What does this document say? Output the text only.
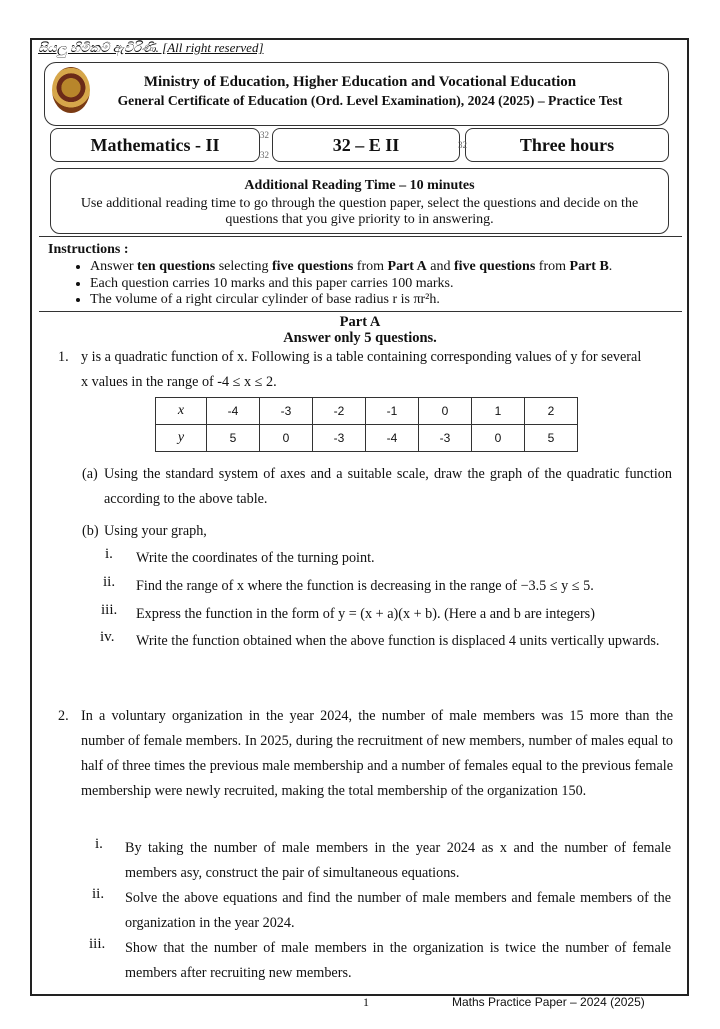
සියලු හිමිකම් ඇවිරිණි. [All right reserved]
Ministry of Education, Higher Education and Vocational Education
General Certificate of Education (Ord. Level Examination), 2024 (2025) – Practice Test
Mathematics - II	32 – E II	Three hours
32
32
32
Additional Reading Time – 10 minutes
Use additional reading time to go through the question paper, select the questions and decide on the questions that you give priority to in answering.
Instructions :
• Answer ten questions selecting five questions from Part A and five questions from Part B.
• Each question carries 10 marks and this paper carries 100 marks.
• The volume of a right circular cylinder of base radius r is πr²h.
Part A
Answer only 5 questions.
1. y is a quadratic function of x. Following is a table containing corresponding values of y for several
x values in the range of -4 ≤ x ≤ 2.
x	-4	-3	-2	-1	0	1	2
y	5	0	-3	-4	-3	0	5
(a) Using the standard system of axes and a suitable scale, draw the graph of the quadratic function according to the above table.
(b) Using your graph,
i. Write the coordinates of the turning point.
ii. Find the range of x where the function is decreasing in the range of −3.5 ≤ y ≤ 5.
iii. Express the function in the form of y = (x + a)(x + b). (Here a and b are integers)
iv. Write the function obtained when the above function is displaced 4 units vertically upwards.
2. In a voluntary organization in the year 2024, the number of male members was 15 more than the number of female members. In 2025, during the recruitment of new members, number of males equal to half of three times the previous male membership and a number of females equal to the previous female membership were newly recruited, making the total membership of the organization 150.
i. By taking the number of male members in the year 2024 as x and the number of female members asy, construct the pair of simultaneous equations.
ii. Solve the above equations and find the number of male members and female members of the organization in the year 2024.
iii. Show that the number of male members in the organization is twice the number of female members after recruiting new members.
1	Maths Practice Paper – 2024 (2025)
